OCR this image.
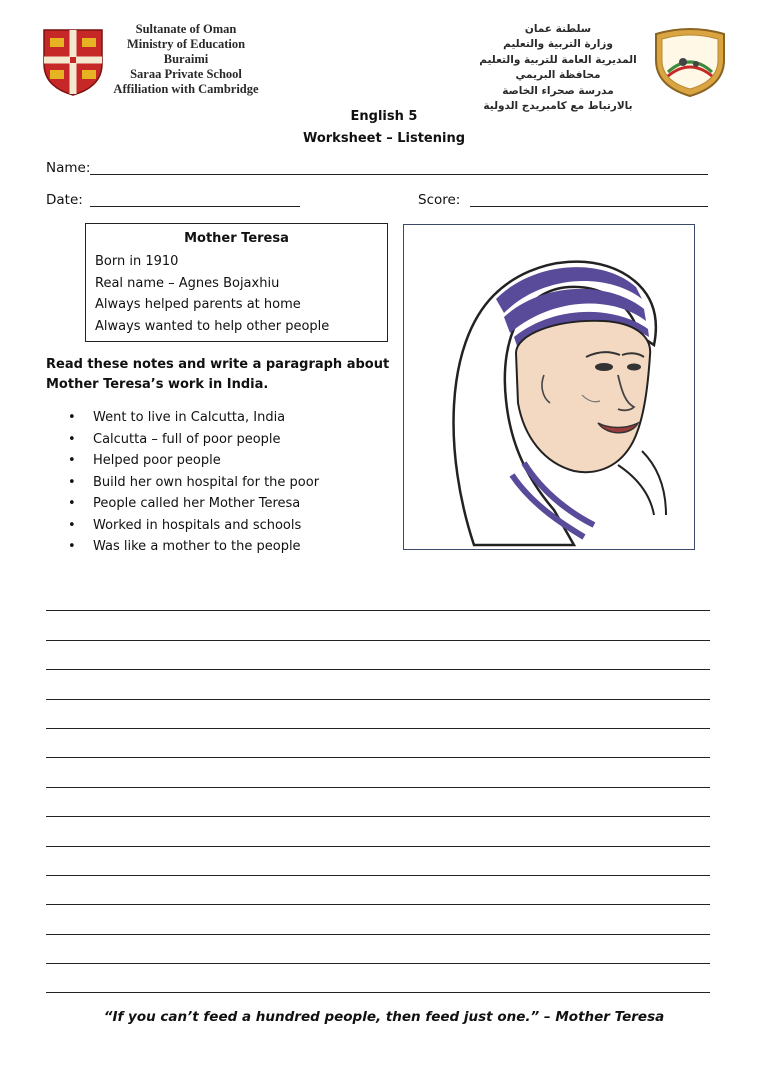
Sultanate of Oman
Ministry of Education
Buraimi
Saraa Private School
Affiliation with Cambridge
سلطنة عمان
وزارة التربية والتعليم
المديرية العامة للتربية والتعليم
محافظة البريمي
مدرسة صحراء الخاصة
بالارتباط مع كامبريدج الدولية
English 5
Worksheet – Listening
Name:
Date:	Score:
Mother Teresa
Born in 1910
Real name – Agnes Bojaxhiu
Always helped parents at home
Always wanted to help other people
Read these notes and write a paragraph about Mother Teresa’s work in India.
•	Went to live in Calcutta, India
•	Calcutta – full of poor people
•	Helped poor people
•	Build her own hospital for the poor
•	People called her Mother Teresa
•	Worked in hospitals and schools
•	Was like a mother to the people
“If you can’t feed a hundred people, then feed just one.” – Mother Teresa
